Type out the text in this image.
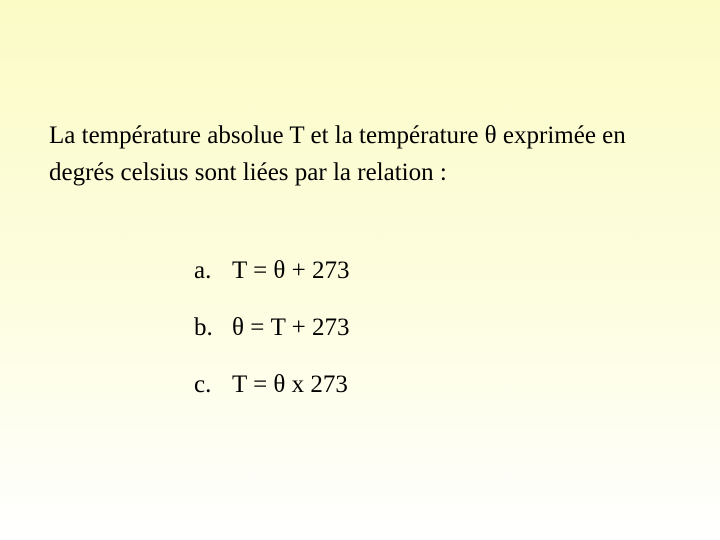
La température absolue T et la température θ exprimée en degrés celsius sont liées par la relation :

a. T = θ + 273
b. θ = T + 273
c. T = θ x 273
